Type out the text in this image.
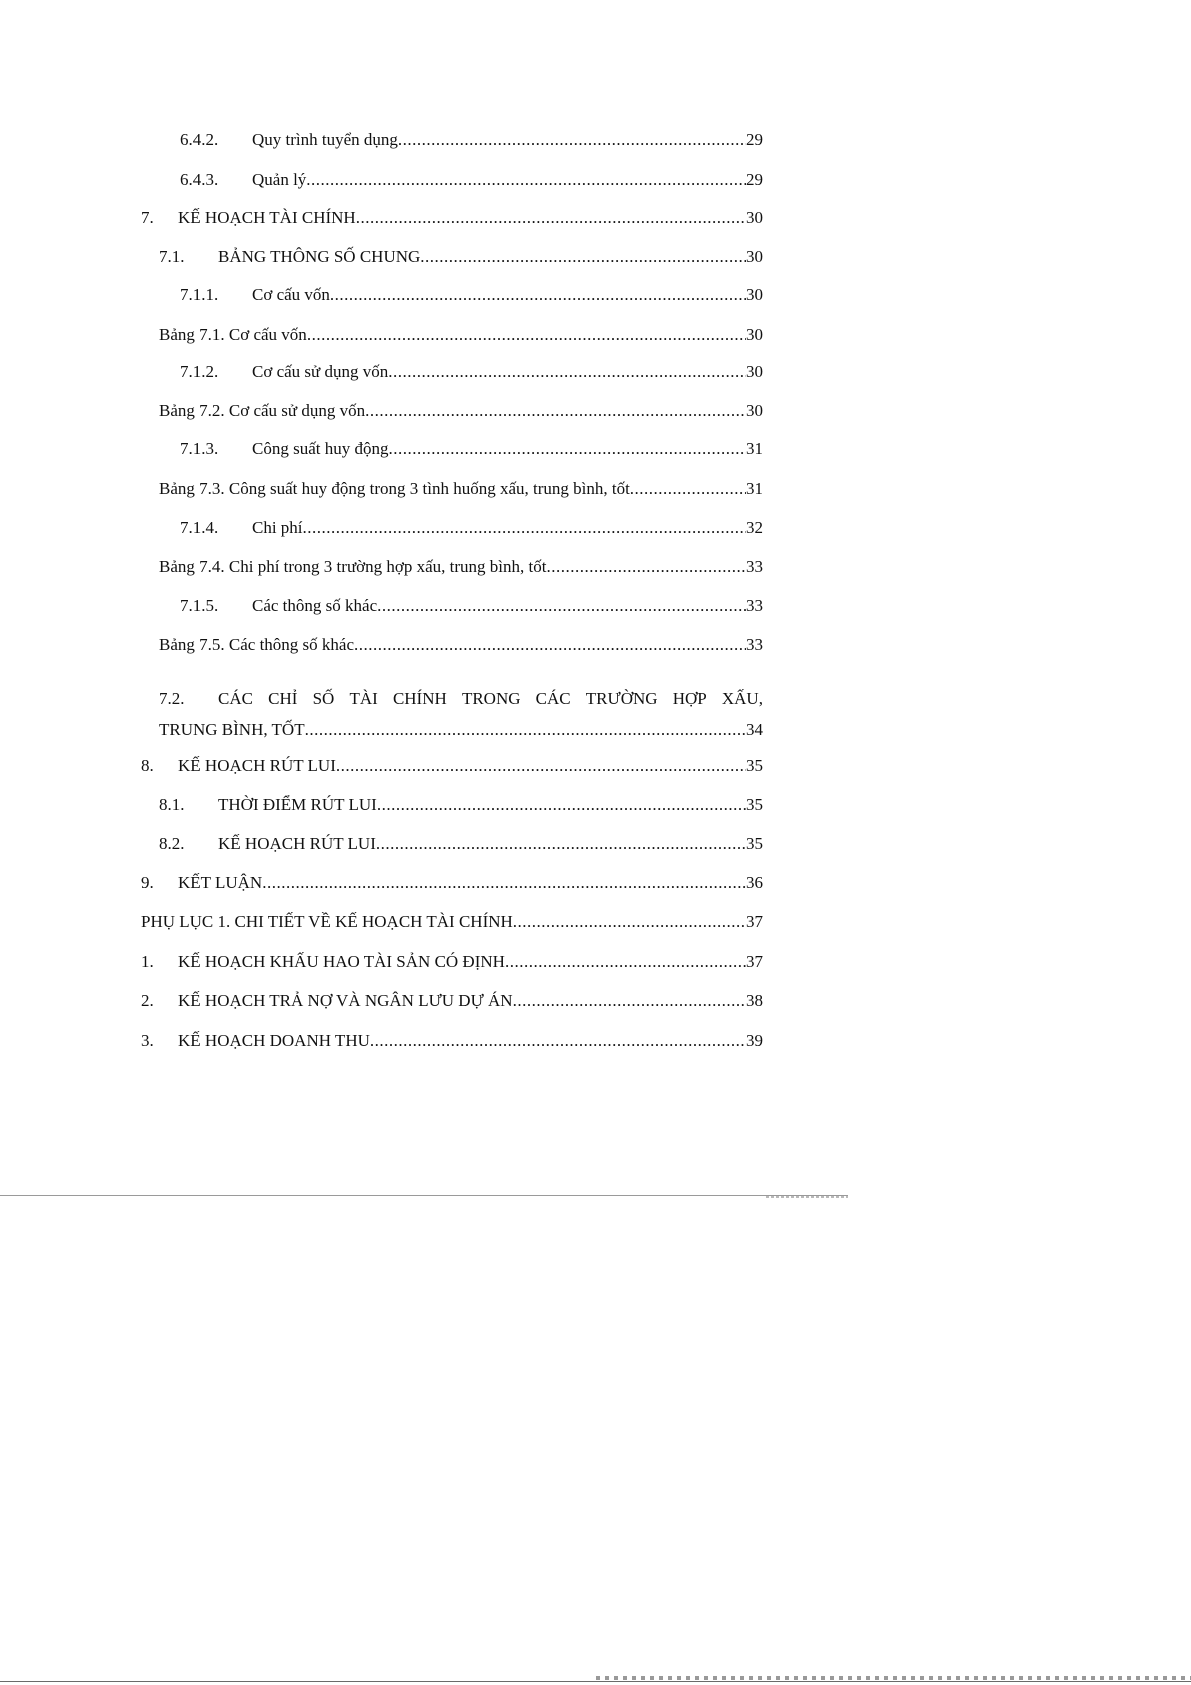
6.4.2. Quy trình tuyển dụng .....	29
6.4.3. Quản lý .....	29
7. KẾ HOẠCH TÀI CHÍNH .....	30
7.1. BẢNG THÔNG SỐ CHUNG .....	30
7.1.1. Cơ cấu vốn .....	30
Bảng 7.1. Cơ cấu vốn .....	30
7.1.2. Cơ cấu sử dụng vốn .....	30
Bảng 7.2. Cơ cấu sử dụng vốn .....	30
7.1.3. Công suất huy động .....	31
Bảng 7.3. Công suất huy động trong 3 tình huống xấu, trung bình, tốt .....	31
7.1.4. Chi phí .....	32
Bảng 7.4. Chi phí trong 3 trường hợp xấu, trung bình, tốt .....	33
7.1.5. Các thông số khác .....	33
Bảng 7.5. Các thông số khác .....	33
7.2. CÁC CHỈ SỐ TÀI CHÍNH TRONG CÁC TRƯỜNG HỢP XẤU,
TRUNG BÌNH, TỐT .....	34
8. KẾ HOẠCH RÚT LUI .....	35
8.1. THỜI ĐIỂM RÚT LUI .....	35
8.2. KẾ HOẠCH RÚT LUI .....	35
9. KẾT LUẬN .....	36
PHỤ LỤC 1. CHI TIẾT VỀ KẾ HOẠCH TÀI CHÍNH .....	37
1. KẾ HOẠCH KHẤU HAO TÀI SẢN CÓ ĐỊNH .....	37
2. KẾ HOẠCH TRẢ NỢ VÀ NGÂN LƯU DỰ ÁN .....	38
3. KẾ HOẠCH DOANH THU .....	39
